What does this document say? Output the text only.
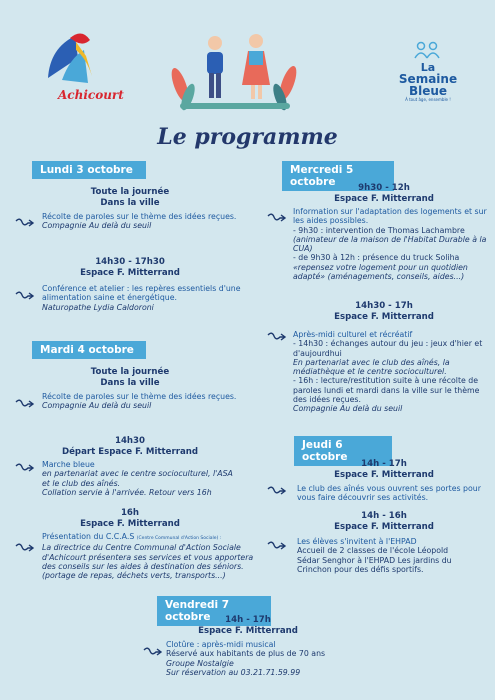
Achicourt
La
Semaine
Bleue
À tout âge, ensemble !
Le programme
Lundi 3 octobre
Toute la journée
Dans la ville
Récolte de paroles sur le thème des idées reçues.
Compagnie Au delà du seuil
14h30 - 17h30
Espace F. Mitterrand
Conférence et atelier : les repères essentiels d'une alimentation saine et énergétique.
Naturopathe Lydia Caldoroni
Mardi 4 octobre
Toute la journée
Dans la ville
Récolte de paroles sur le thème des idées reçues.
Compagnie Au delà du seuil
14h30
Départ Espace F. Mitterrand
Marche bleue
en partenariat avec le centre socioculturel, l'ASA et le club des aînés.
Collation servie à l'arrivée. Retour vers 16h
16h
Espace F. Mitterrand
Présentation du C.C.A.S (Centre Communal d'Action Sociale) :
La directrice du Centre Communal d'Action Sociale d'Achicourt présentera ses services et vous apportera des conseils sur les aides à destination des séniors. (portage de repas, déchets verts, transports...)
Mercredi 5 octobre	9h30 - 12h
Espace F. Mitterrand
Information sur l'adaptation des logements et sur les aides possibles.
- 9h30 : intervention de Thomas Lachambre
(animateur de la maison de l'Habitat Durable à la CUA)
- de 9h30 à 12h : présence du truck Soliha
«repensez votre logement pour un quotidien adapté» (aménagements, conseils, aides...)
14h30 - 17h
Espace F. Mitterrand
Après-midi culturel et récréatif
- 14h30 : échanges autour du jeu : jeux d'hier et d'aujourdhui
En partenariat avec le club des aînés, la médiathèque et le centre socioculturel.
- 16h : lecture/restitution suite à une récolte de paroles lundi et mardi dans la ville sur le thème des idées reçues.
Compagnie Au delà du seuil
Jeudi 6 octobre
14h - 17h
Espace F. Mitterrand
Le club des aînés vous ouvrent ses portes pour vous faire découvrir ses activités.
14h - 16h
Espace F. Mitterrand
Les élèves s'invitent à l'EHPAD
Accueil de 2 classes de l'école Léopold Sédar Senghor à l'EHPAD Les jardins du Crinchon pour des défis sportifs.
Vendredi 7 octobre	14h - 17h
Espace F. Mitterrand
Clotûre : après-midi musical
Réservé aux habitants de plus de 70 ans
Groupe Nostalgie
Sur réservation au 03.21.71.59.99
